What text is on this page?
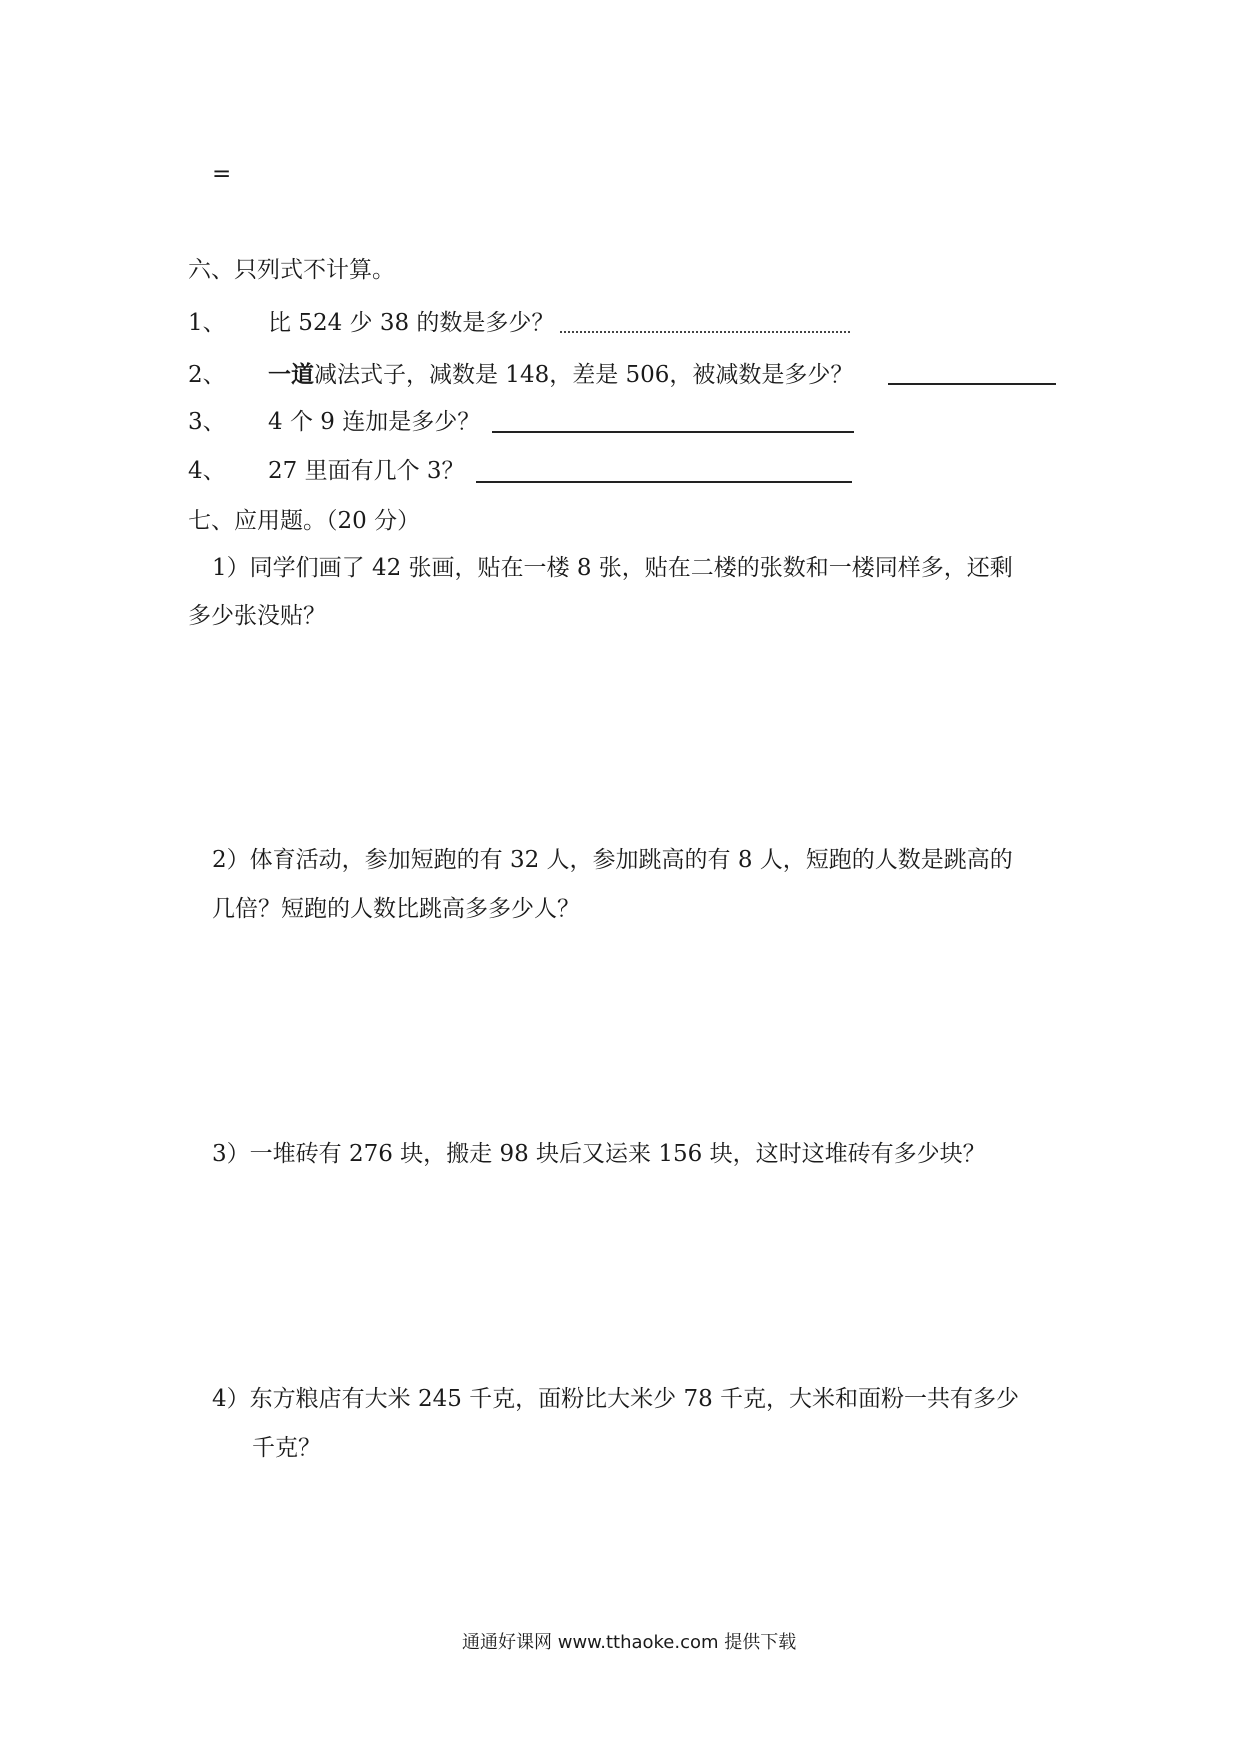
=
六、只列式不计算。
1、 比 524 少 38 的数是多少？
2、 一道减法式子，减数是 148，差是 506，被减数是多少？
3、 4 个 9 连加是多少？
4、 27 里面有几个 3？
七、应用题。（20 分）
1）同学们画了 42 张画，贴在一楼 8 张，贴在二楼的张数和一楼同样多，还剩
多少张没贴？
2）体育活动，参加短跑的有 32 人，参加跳高的有 8 人，短跑的人数是跳高的
几倍？短跑的人数比跳高多多少人？
3）一堆砖有 276 块，搬走 98 块后又运来 156 块，这时这堆砖有多少块？
4）东方粮店有大米 245 千克，面粉比大米少 78 千克，大米和面粉一共有多少
千克？
通通好课网 www.tthaoke.com 提供下载
